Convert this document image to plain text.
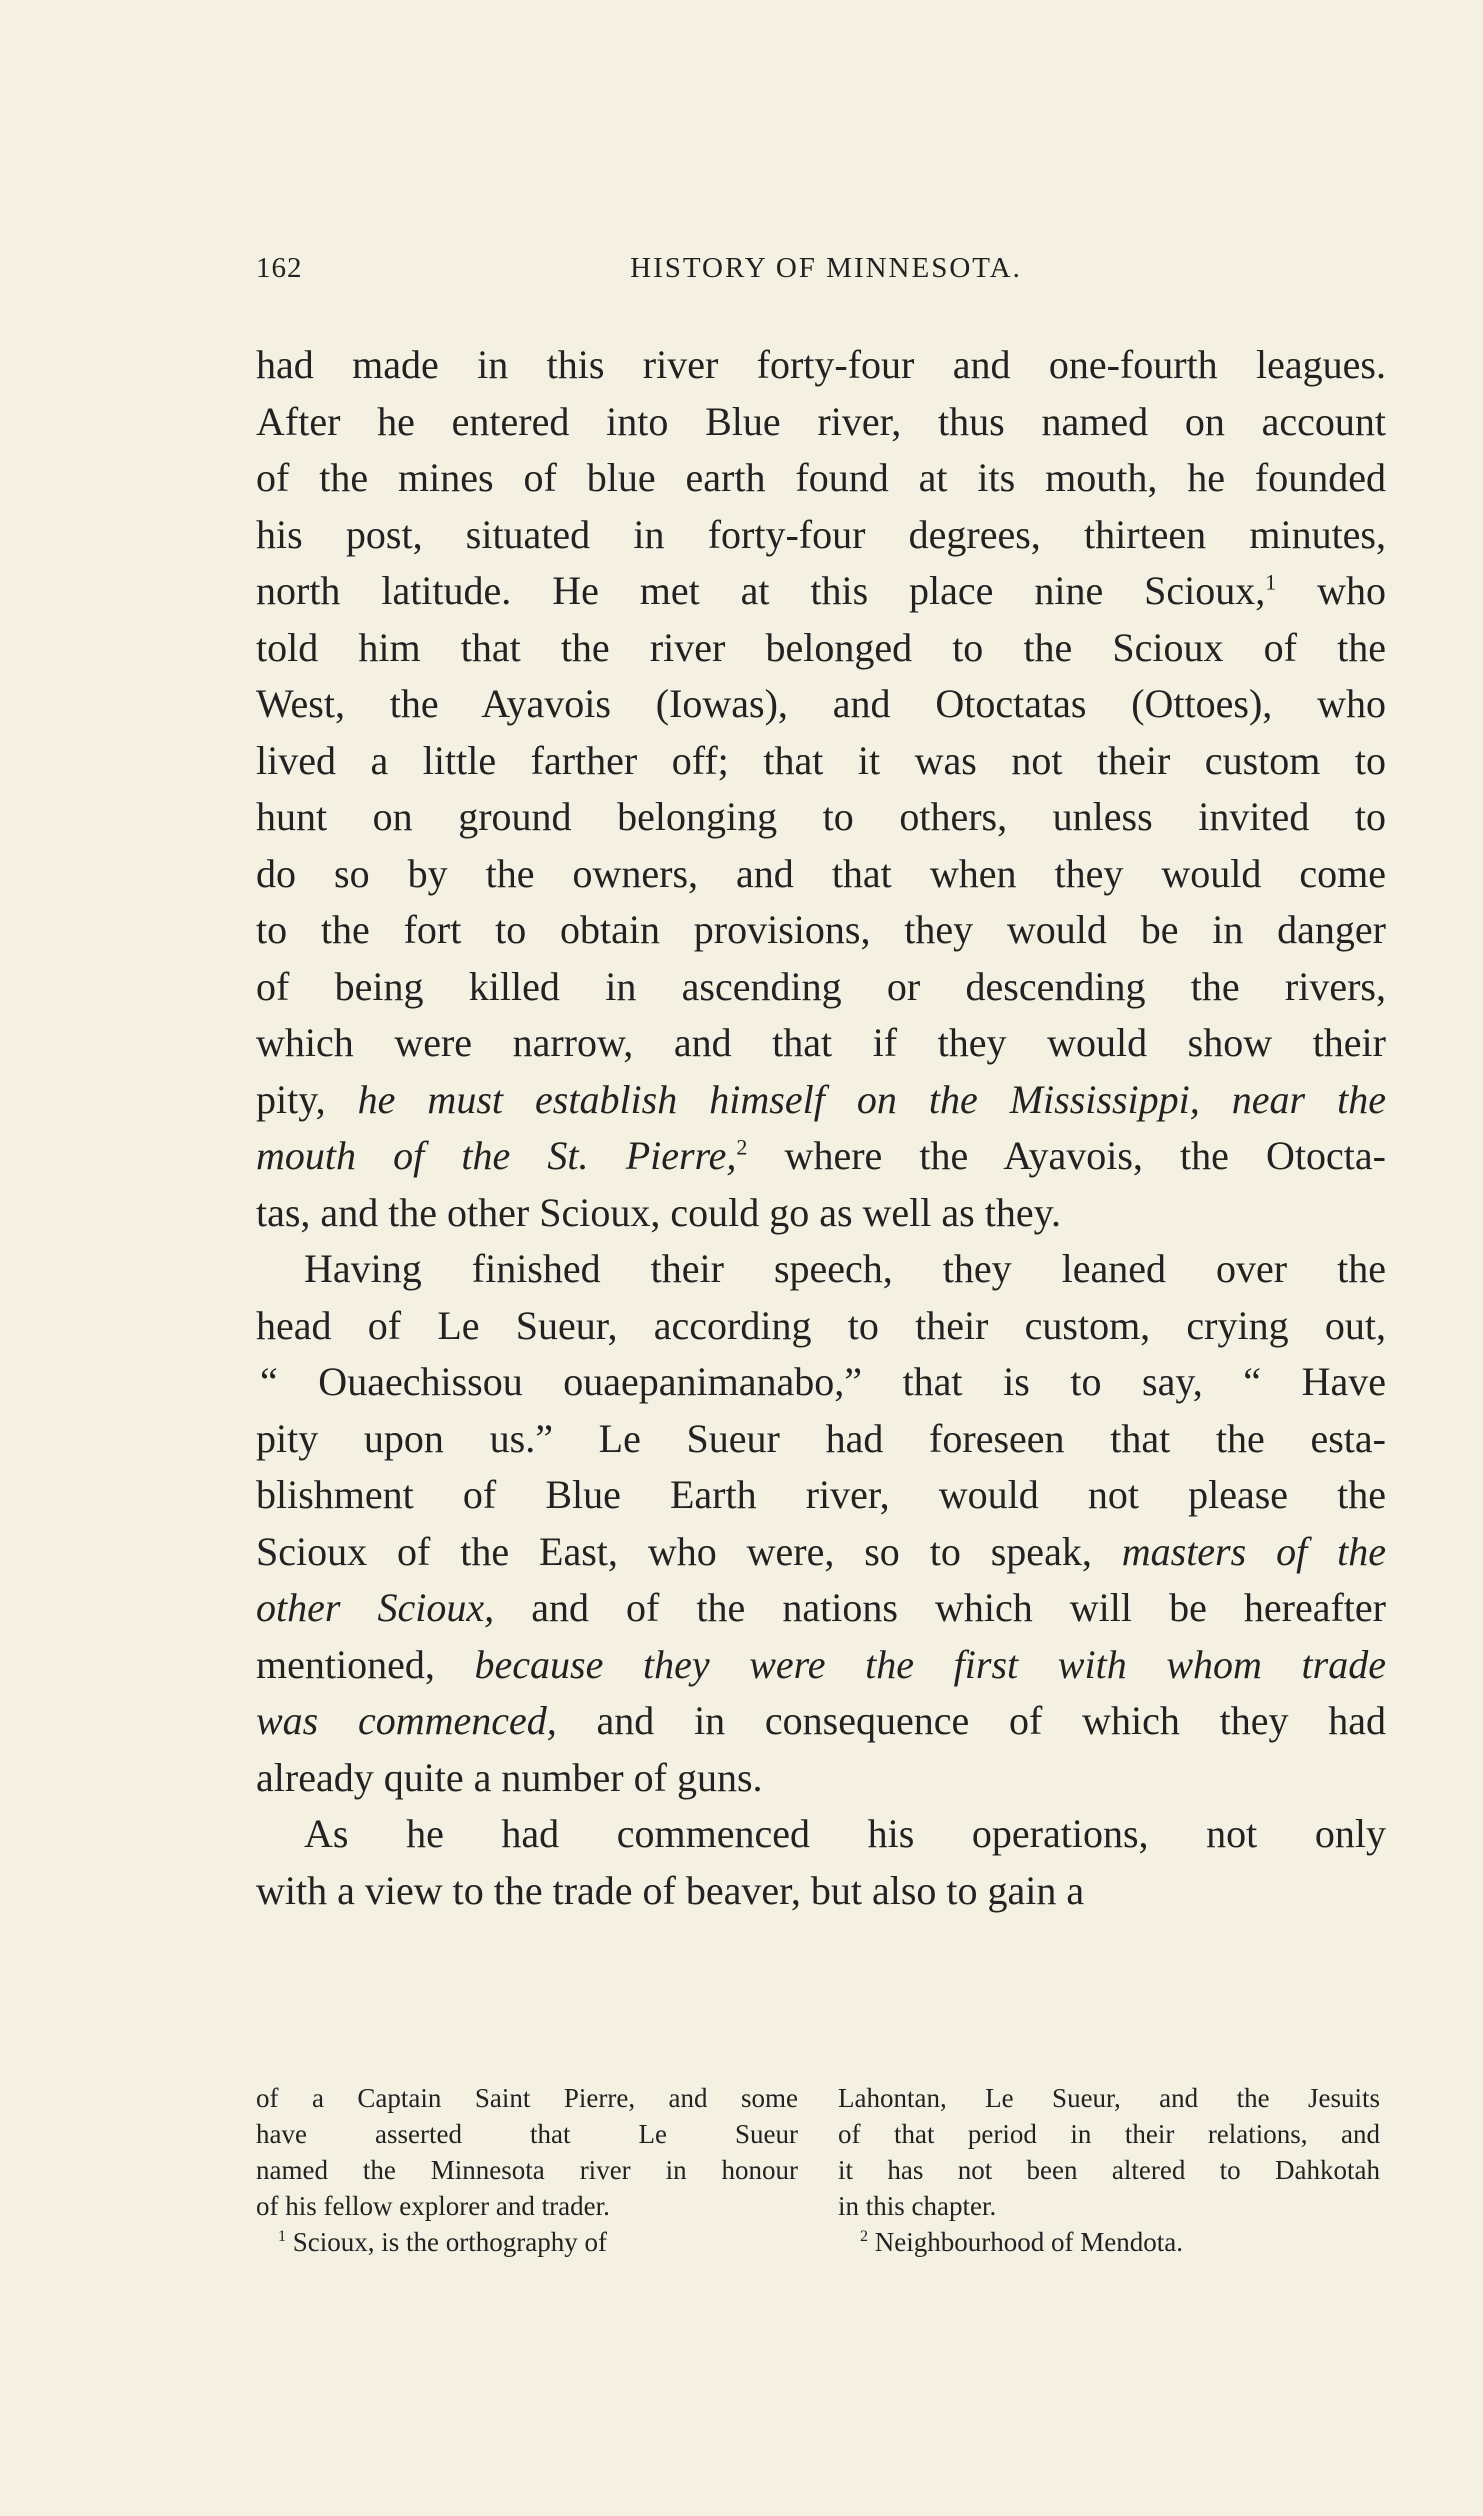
162	HISTORY OF MINNESOTA.
had made in this river forty-four and one-fourth leagues.
After he entered into Blue river, thus named on account
of the mines of blue earth found at its mouth, he founded
his post, situated in forty-four degrees, thirteen minutes,
north latitude. He met at this place nine Scioux,$^1$ who
told him that the river belonged to the Scioux of the
West, the Ayavois (Iowas), and Otoctatas (Ottoes), who
lived a little farther off; that it was not their custom to
hunt on ground belonging to others, unless invited to
do so by the owners, and that when they would come
to the fort to obtain provisions, they would be in danger
of being killed in ascending or descending the rivers,
which were narrow, and that if they would show their
pity, he must establish himself on the Mississippi, near the
mouth of the St. Pierre,$^2$ where the Ayavois, the Otocta-
tas, and the other Scioux, could go as well as they.
Having finished their speech, they leaned over the
head of Le Sueur, according to their custom, crying out,
“ Ouaechissou ouaepanimanabo,” that is to say, “ Have
pity upon us.” Le Sueur had foreseen that the esta-
blishment of Blue Earth river, would not please the
Scioux of the East, who were, so to speak, masters of the
other Scioux, and of the nations which will be hereafter
mentioned, because they were the first with whom trade
was commenced, and in consequence of which they had
already quite a number of guns.
As he had commenced his operations, not only
with a view to the trade of beaver, but also to gain a
of a Captain Saint Pierre, and some
have asserted that Le Sueur
named the Minnesota river in honour
of his fellow explorer and trader.
$^1$ Scioux, is the orthography of
Lahontan, Le Sueur, and the Jesuits
of that period in their relations, and
it has not been altered to Dahkotah
in this chapter.
$^2$ Neighbourhood of Mendota.
